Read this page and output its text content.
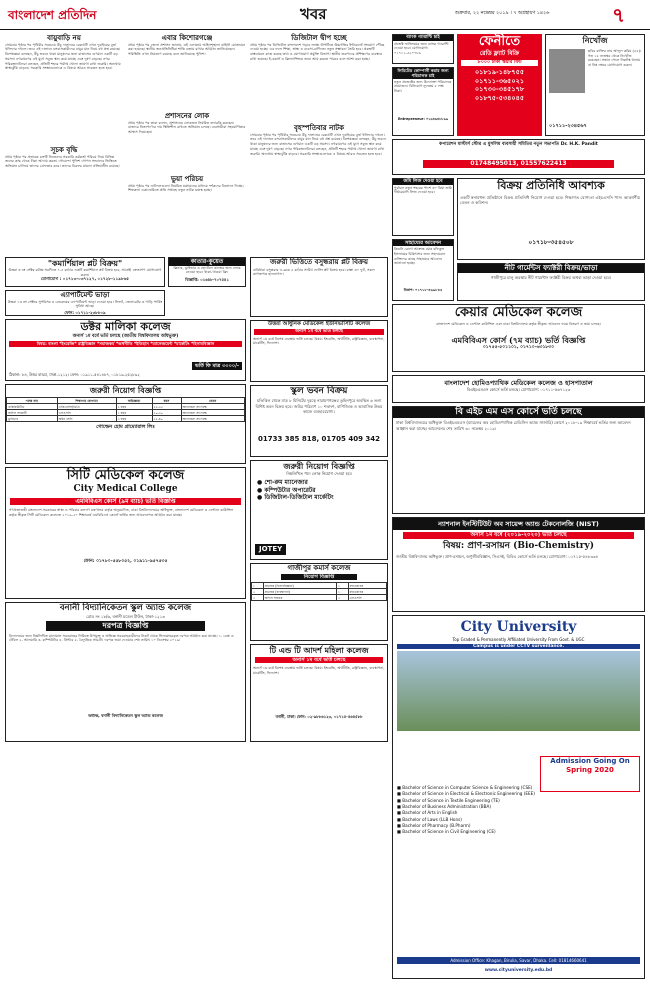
বাংলাদেশ প্রতিদিন	খবর	শুক্রবার, ২২ নভেম্বর ২০১৯ । ৭ অগ্রহায়ণ ১৪২৬	৭
বায়ুবাড়ি নয়
সোমবার পৃষ্ঠার পর পৃথিবীর সবচেয়ে উঁচু দালানের রেকর্ডটি এখন দুবাইয়ের বুর্জ খলিফার দখলে। তবে এই দালানে বসবাসকারীদের বায়ুর মান নিয়ে বহু প্রশ্ন রয়েছে। বিশেষজ্ঞরা বলছেন, উঁচু ভবনে থাকা মানুষদের জন্য বাতাসের গুণমান একটি বড় সমস্যা। নগরায়ণের এই যুগে সবুজ স্থান কমে যাচ্ছে এবং দূষণ বাড়ছে। নগর পরিকল্পনাবিদরা বলছেন, প্রতিটি শহরে পর্যাপ্ত খোলা জায়গা রাখা জরুরি। অন্যথায় স্বাস্থ্যঝুঁকি বাড়বে। সরকারি সংস্থাগুলোকে এ বিষয়ে আরও সচেতন হতে হবে।
সূচক বৃদ্ধি
প্রথম পৃষ্ঠার পর প্রতারক চক্রটি নিজেদের সরকারি কর্মকর্তা পরিচয় দিয়ে বিভিন্ন জনের কাছ থেকে টাকা আদায় করত। গোয়েন্দা পুলিশ গোপন সংবাদের ভিত্তিতে অভিযান চালিয়ে তাদের গ্রেফতার করে। তাদের বিরুদ্ধে মামলা প্রক্রিয়াধীন রয়েছে।
এবার কিশোরগঞ্জে
প্রথম পৃষ্ঠার পর জেলা প্রশাসন জানায়, ওই এলাকায় আইনশৃঙ্খলা বাহিনী মোতায়েন করা হয়েছে। স্থানীয় জনপ্রতিনিধিরা শান্তি বজায় রাখার আহ্বান জানিয়েছেন। পরিস্থিতি এখন নিয়ন্ত্রণে রয়েছে বলে জানিয়েছে পুলিশ।
প্রশাসনের লোক
প্রথম পৃষ্ঠার পর তারা বলেন, প্রশাসনের লোকজন নিয়মিত তদারকি করছেন। বাজারে নিত্যপণ্যের দাম স্থিতিশীল রাখতে অভিযান চলছে। ব্যবসায়ীরা সহযোগিতার আশ্বাস দিয়েছেন।
ভুয়া পরিচয়
প্রথম পৃষ্ঠার পর নাট্যদলগুলো নিয়মিত মঞ্চায়নের মাধ্যমে দর্শকদের বিনোদন দিচ্ছে। শিল্পকলা একাডেমিতে প্রতি সপ্তাহে নতুন নাটক মঞ্চস্থ হচ্ছে।
ডিজিটাল দ্বীপ হচ্ছে
প্রথম পৃষ্ঠার পর ডিজিটাল বাংলাদেশ গড়ার লক্ষ্যে দ্বীপটিতে উচ্চগতির ইন্টারনেট সংযোগ পৌঁছে দেওয়া হচ্ছে। এর ফলে শিক্ষা, স্বাস্থ্য ও ব্যবসা-বাণিজ্যে নতুন সম্ভাবনা তৈরি হবে। প্রকল্পটি বাস্তবায়নে কাজ করছে তথ্য ও যোগাযোগ প্রযুক্তি বিভাগ। স্থানীয় তরুণদের প্রশিক্ষণের ব্যবস্থাও রাখা হয়েছে। ই-কমার্স ও ফ্রিল্যান্সিংয়ে তারা আয় করতে পারবে বলে আশা করা হচ্ছে।
বৃহস্পতিবার নাটক
সোমবার পৃষ্ঠার পর পৃথিবীর সবচেয়ে উঁচু দালানের রেকর্ডটি এখন দুবাইয়ের বুর্জ খলিফার দখলে। তবে এই দালানে বসবাসকারীদের বায়ুর মান নিয়ে বহু প্রশ্ন রয়েছে। বিশেষজ্ঞরা বলছেন, উঁচু ভবনে থাকা মানুষদের জন্য বাতাসের গুণমান একটি বড় সমস্যা। নগরায়ণের এই যুগে সবুজ স্থান কমে যাচ্ছে এবং দূষণ বাড়ছে। নগর পরিকল্পনাবিদরা বলছেন, প্রতিটি শহরে পর্যাপ্ত খোলা জায়গা রাখা জরুরি। অন্যথায় স্বাস্থ্যঝুঁকি বাড়বে। সরকারি সংস্থাগুলোকে এ বিষয়ে আরও সচেতন হতে হবে।
"কমার্শিয়াল প্লট বিক্রয়"
উত্তরা ৩ নং সেক্টর রবীন্দ্র সরণিতে ৭.৫ কাঠার একটি কমার্শিয়াল প্লট বিক্রয় হবে, আগ্রহী ক্রেতাগণ যোগাযোগ করুন।
যোগাযোগ : ০১৭১৩-০৩৭১২৭, ০১৭২৮-১১৯৮৬৫
কাতার-কুয়েত
ক্লিনার, ড্রাইভার ও হোটেলে কাজের জন্য লোক নেওয়া হবে। থাকা-খাওয়া ফ্রি।
বিজ্ঞাপ্তি: ০১৬৪৮-৭০৭৫৪১
এ্যাপার্টমেন্ট ভাড়া
উত্তরা ১৩ নং সেক্টরে সুপরিসর ৩ বেডরুমের এ্যাপার্টমেন্ট ভাড়া দেওয়া হবে। লিফট, জেনারেটর ও গাড়ি পার্কিং সুবিধা আছে।
ফোন: ০১৭১১-২৩৮৮০৯
ডক্টর মালিকা কলেজ
অনার্স ১ম বর্ষে ভর্তি চলছে (জাতীয় বিশ্ববিদ্যালয় অধিভুক্ত)
বিষয়: বাংলা *ইংরেজি* রাষ্ট্রবিজ্ঞান *সমাজকর্ম *অর্থনীতি *ইতিহাস *ম্যানেজমেন্ট *মার্কেটিং *হিসাববিজ্ঞান
ভর্তি ফি মাত্র ৩০০০/-
ঠিকানা: ৮৪, উত্তর বাড্ডা, ঢাকা-১২১২। ফোন: ০১৯১১-৫৪১৪৮৭, ০১৮১৯-২৫২৮৯২
জরুরী নিয়োগ বিজ্ঞপ্তি
পদের নাম	শিক্ষাগত যোগ্যতা	অভিজ্ঞতা	বয়স	বেতন
এক্সিকিউটিভ	এইচএসসি/ডিগ্রি	২ বছর	২২-৩৫	আলোচনা সাপেক্ষে
অফিস সহকারী	এসএসসি	১ বছর	২০-৩০	আলোচনা সাপেক্ষে
ড্রাইভার	অষ্টম শ্রেণি	৩ বছর	২৫-৪০	আলোচনা সাপেক্ষে
গোল্ডেন হোম গ্রাম্যোরাল লিঃ
সিটি মেডিকেল কলেজ
City Medical College
এমবিবিএস কোর্স (৯ম ব্যাচ) ভর্তি বিজ্ঞপ্তি
গণপ্রজাতন্ত্রী বাংলাদেশ সরকারের স্বাস্থ্য ও পরিবার কল্যাণ মন্ত্রণালয় কর্তৃক অনুমোদিত, ঢাকা বিশ্ববিদ্যালয়ের অধিভুক্ত, বাংলাদেশ মেডিকেল ও ডেন্টাল কাউন্সিল কর্তৃক স্বীকৃত সিটি মেডিকেল কলেজে ২০১৯-২০ শিক্ষাবর্ষে এমবিবিএস কোর্সে ভর্তির জন্য আবেদনপত্র আহ্বান করা যাচ্ছে।
ফোন: ০১৭৮০-৫৫৮০৫২, ০১৯১১-৯৫৭৫৩৫
বনানী বিদ্যানিকেতন স্কুল অ্যান্ড কলেজ
রোড নং ১৮/৬, বনানী মডেল টাউন, ঢাকা-১২১৩
দরপত্র বিজ্ঞপ্তি
বিদ্যালয়ের জন্য নিম্নলিখিত মালামাল সরবরাহের নিমিত্তে উপযুক্ত ও অভিজ্ঞ সরবরাহকারীদের নিকট থেকে সিলমোহরকৃত দরপত্র আহ্বান করা যাচ্ছে। ১. বেঞ্চ ও টেবিল ২. আলমারি ৩. কম্পিউটার ৪. প্রিন্টার ৫. বৈদ্যুতিক সামগ্রী। দরপত্র জমা দেওয়ার শেষ তারিখ ১০ ডিসেম্বর ২০১৯।
অধ্যক্ষ, বনানী বিদ্যানিকেতন স্কুল অ্যান্ড কলেজ
জরুরী ভিত্তিতে বসুন্ধরায় প্লট বিক্রয়
বারিধারা বসুন্ধরার এ-ব্লকে ৫ কাঠার সাউথ ফেসিং প্লট বিক্রয় হবে। রাস্তা ৩০ ফুট, সকল কাগজপত্র হালনাগাদ।
উত্তরা আধুনিক মেডিকেল ইউনিভার্সিটি কলেজ
অনার্স ১ম বর্ষে ভর্তি চলছে
অনার্স ১ম বর্ষে বিশেষ ব্যবস্থায় ভর্তি চলছে। বিষয়: ইংরেজি, অর্থনীতি, রাষ্ট্রবিজ্ঞান, ব্যবস্থাপনা, মার্কেটিং, ফিন্যান্স।
স্কুল ভবন বিক্রয়
মতিঝিল থেকে মাত্র ৮ মিনিটের দূরত্বে নারায়ণগঞ্জের তুহিনপুরে অবস্থিত ৬ তলা বিশিষ্ট ভবন বিক্রয় হবে। জমির পরিমাণ ১০ শতাংশ, বাণিজ্যিক ও আবাসিক উভয় কাজে ব্যবহারযোগ্য।
01733 385 818, 01705 409 342
জরুরী নিয়োগ বিজ্ঞপ্তি
নিম্নলিখিত পদে লোক নিয়োগ দেওয়া হবে
● শো-রুম ম্যানেজার
● কম্পিউটার অপারেটর
● ডিজিটাল-ডিজিটাল মার্কেটিং
JOTEY
গাজীপুর কমার্স কলেজ
নিয়োগ বিজ্ঞপ্তি
১	প্রভাষক (হিসাববিজ্ঞান)	১	স্নাতকোত্তর
২	প্রভাষক (ব্যবস্থাপনা)	১	স্নাতকোত্তর
৩	অফিস সহায়ক	২	এসএসসি
টি এন্ড টি আদর্শ মহিলা কলেজ
অনার্স ১ম বর্ষে ভর্তি চলছে
অনার্স ১ম বর্ষে বিশেষ ব্যবস্থায় ভর্তি চলছে। বিষয়: ইংরেজি, অর্থনীতি, রাষ্ট্রবিজ্ঞান, ব্যবস্থাপনা, মার্কেটিং, ফিন্যান্স।
বনানী, ঢাকা। ফোন: ০২-৯৮৮৬১২৩, ০১৭১৫-৫৬৪৫৮৮
ব্যাংক গ্যারান্টি চাই
প্রজেক্ট ফান্ডিংয়ের জন্য ব্যাংক গ্যারান্টি দেওয়া হবে। যোগাযোগ: ০১৭১১-৫২০৭৮৯
ফেনীতে
রেডি ফ্ল্যাট বিক্রি
৮০০০ টাকা স্কয়ার ফিট
০১৮১৯-১৪৮৭৫৫
০১৭১১-৩৬৫০২১
০১৭৩০-৩৪৫১৭৮
০১৮৭৫-৫৩৪০৪৫
নিখোঁজ
ছবির ব্যক্তির নাম আব্দুল করিম (৫৫)। গত ১৫ নভেম্বর থেকে নিখোঁজ রয়েছেন। সন্ধান পেলে নিকটস্থ থানায় বা নিম্ন নম্বরে যোগাযোগ করুন।
০১৭১১-২৩৪৫৬৭
লিমিটেড কোম্পানী করার জন্য পরিচালক চাই
নতুন প্রজেক্টের জন্য উদ্যোক্তা পরিচালক প্রয়োজন। বিনিয়োগ ন্যূনতম ৫ লক্ষ টাকা।
Entrepreneur: ০১৬৪৬৪৮৮৯৯
কপারেশন মাস্টার্স স্টোর এ মুসলিম ব্যবসায়ী সমিতির নতুন সভাপতি Dr. H.K. Pandit
01748495013, 01557622413
জমি লিজ দেওয়া হবে
পূর্বাচল নতুন শহরের পাশে ৩০ বিঘা জমি দীর্ঘমেয়াদি লিজ দেওয়া হবে।
সাহায্যের আবেদন
কিডনি রোগে আক্রান্ত মোঃ রফিকুল ইসলামের চিকিৎসার জন্য সহৃদয়বান ব্যক্তিদের কাছে সাহায্যের আবেদন জানানো হচ্ছে।
বিকাশ: ০১৭১৮-৪৬৯৮৪৫
বিক্রয় প্রতিনিধি আবশ্যক
একটি স্বনামধন্য প্রতিষ্ঠানে বিক্রয় প্রতিনিধি নিয়োগ দেওয়া হবে। শিক্ষাগত যোগ্যতা এইচএসসি পাস। আকর্ষণীয় বেতন ও কমিশন।
০১৭১৮-৩৫৪৫০৮
নীট গার্মেন্টস ফ্যাক্টরী বিক্রয়/ভাড়া
গাজীপুরে চালু অবস্থায় নীট গার্মেন্টস ফ্যাক্টরী বিক্রয় অথবা ভাড়া দেওয়া হবে।
কেয়ার মেডিকেল কলেজ
বাংলাদেশ মেডিকেল ও ডেন্টাল কাউন্সিল এবং ঢাকা বিশ্ববিদ্যালয় কর্তৃক স্বীকৃত। আবেদন ফরম বিতরণ ও জমা চলছে।
এমবিবিএস কোর্স (৭ম ব্যাচ) ভর্তি বিজ্ঞপ্তি
০১৭৫৫-৫০১১০১, ০১৭১০-৬৩১৮৩০
বাংলাদেশ হোমিওপ্যাথিক মেডিকেল কলেজ ও হাসপাতাল
বিএইচএমএস কোর্সে ভর্তি চলছে। যোগাযোগ: ০১৭১১-৫৬৭১২৩
বি এইচ এম এস কোর্সে ভর্তি চলছে
ঢাকা বিশ্ববিদ্যালয়ের অধিভুক্ত বিএইচএমএস (ব্যাচেলর অব হোমিওপ্যাথিক মেডিসিন অ্যান্ড সার্জারি) কোর্সে ২০১৮-১৯ শিক্ষাবর্ষে ভর্তির জন্য আবেদন আহ্বান করা যাচ্ছে। আবেদনের শেষ তারিখ ৩০ নভেম্বর ২০১৯।
ন্যাশনাল ইনস্টিটিউট অব সায়েন্স অ্যান্ড টেকনোলজি (NIST)
অনার্স ১ম বর্ষে (২০১৯-২০২০) ভর্তি চলছে
বিষয়: প্রাণ-রসায়ন (Bio-Chemistry)
জাতীয় বিশ্ববিদ্যালয় অধিভুক্ত। প্রাণ-রসায়ন, অণুজীববিজ্ঞান, সিএসই, বিবিএ কোর্সে ভর্তি চলছে। যোগাযোগ: ০১৭১৫-৫৪৮৩৩৪
City University
Top Graded & Permanently Affiliated University From Govt. & UGC
Campus is under CCTV surveillance.
Admission Going On
Spring 2020
■ Bachelor of Science in Computer Science & Engineering (CSE)
■ Bachelor of Science in Electrical & Electronic Engineering (EEE)
■ Bachelor of Science in Textile Engineering (TE)
■ Bachelor of Business Administration (BBA)
■ Bachelor of Arts in English
■ Bachelor of Laws (LLB Hons)
■ Bachelor of Pharmacy (B.Pharm)
■ Bachelor of Science in Civil Engineering (CE)
Admission Office: Khagan, Birulia, Savar, Dhaka. Cell: 01814660641
www.cityuniversity.edu.bd
